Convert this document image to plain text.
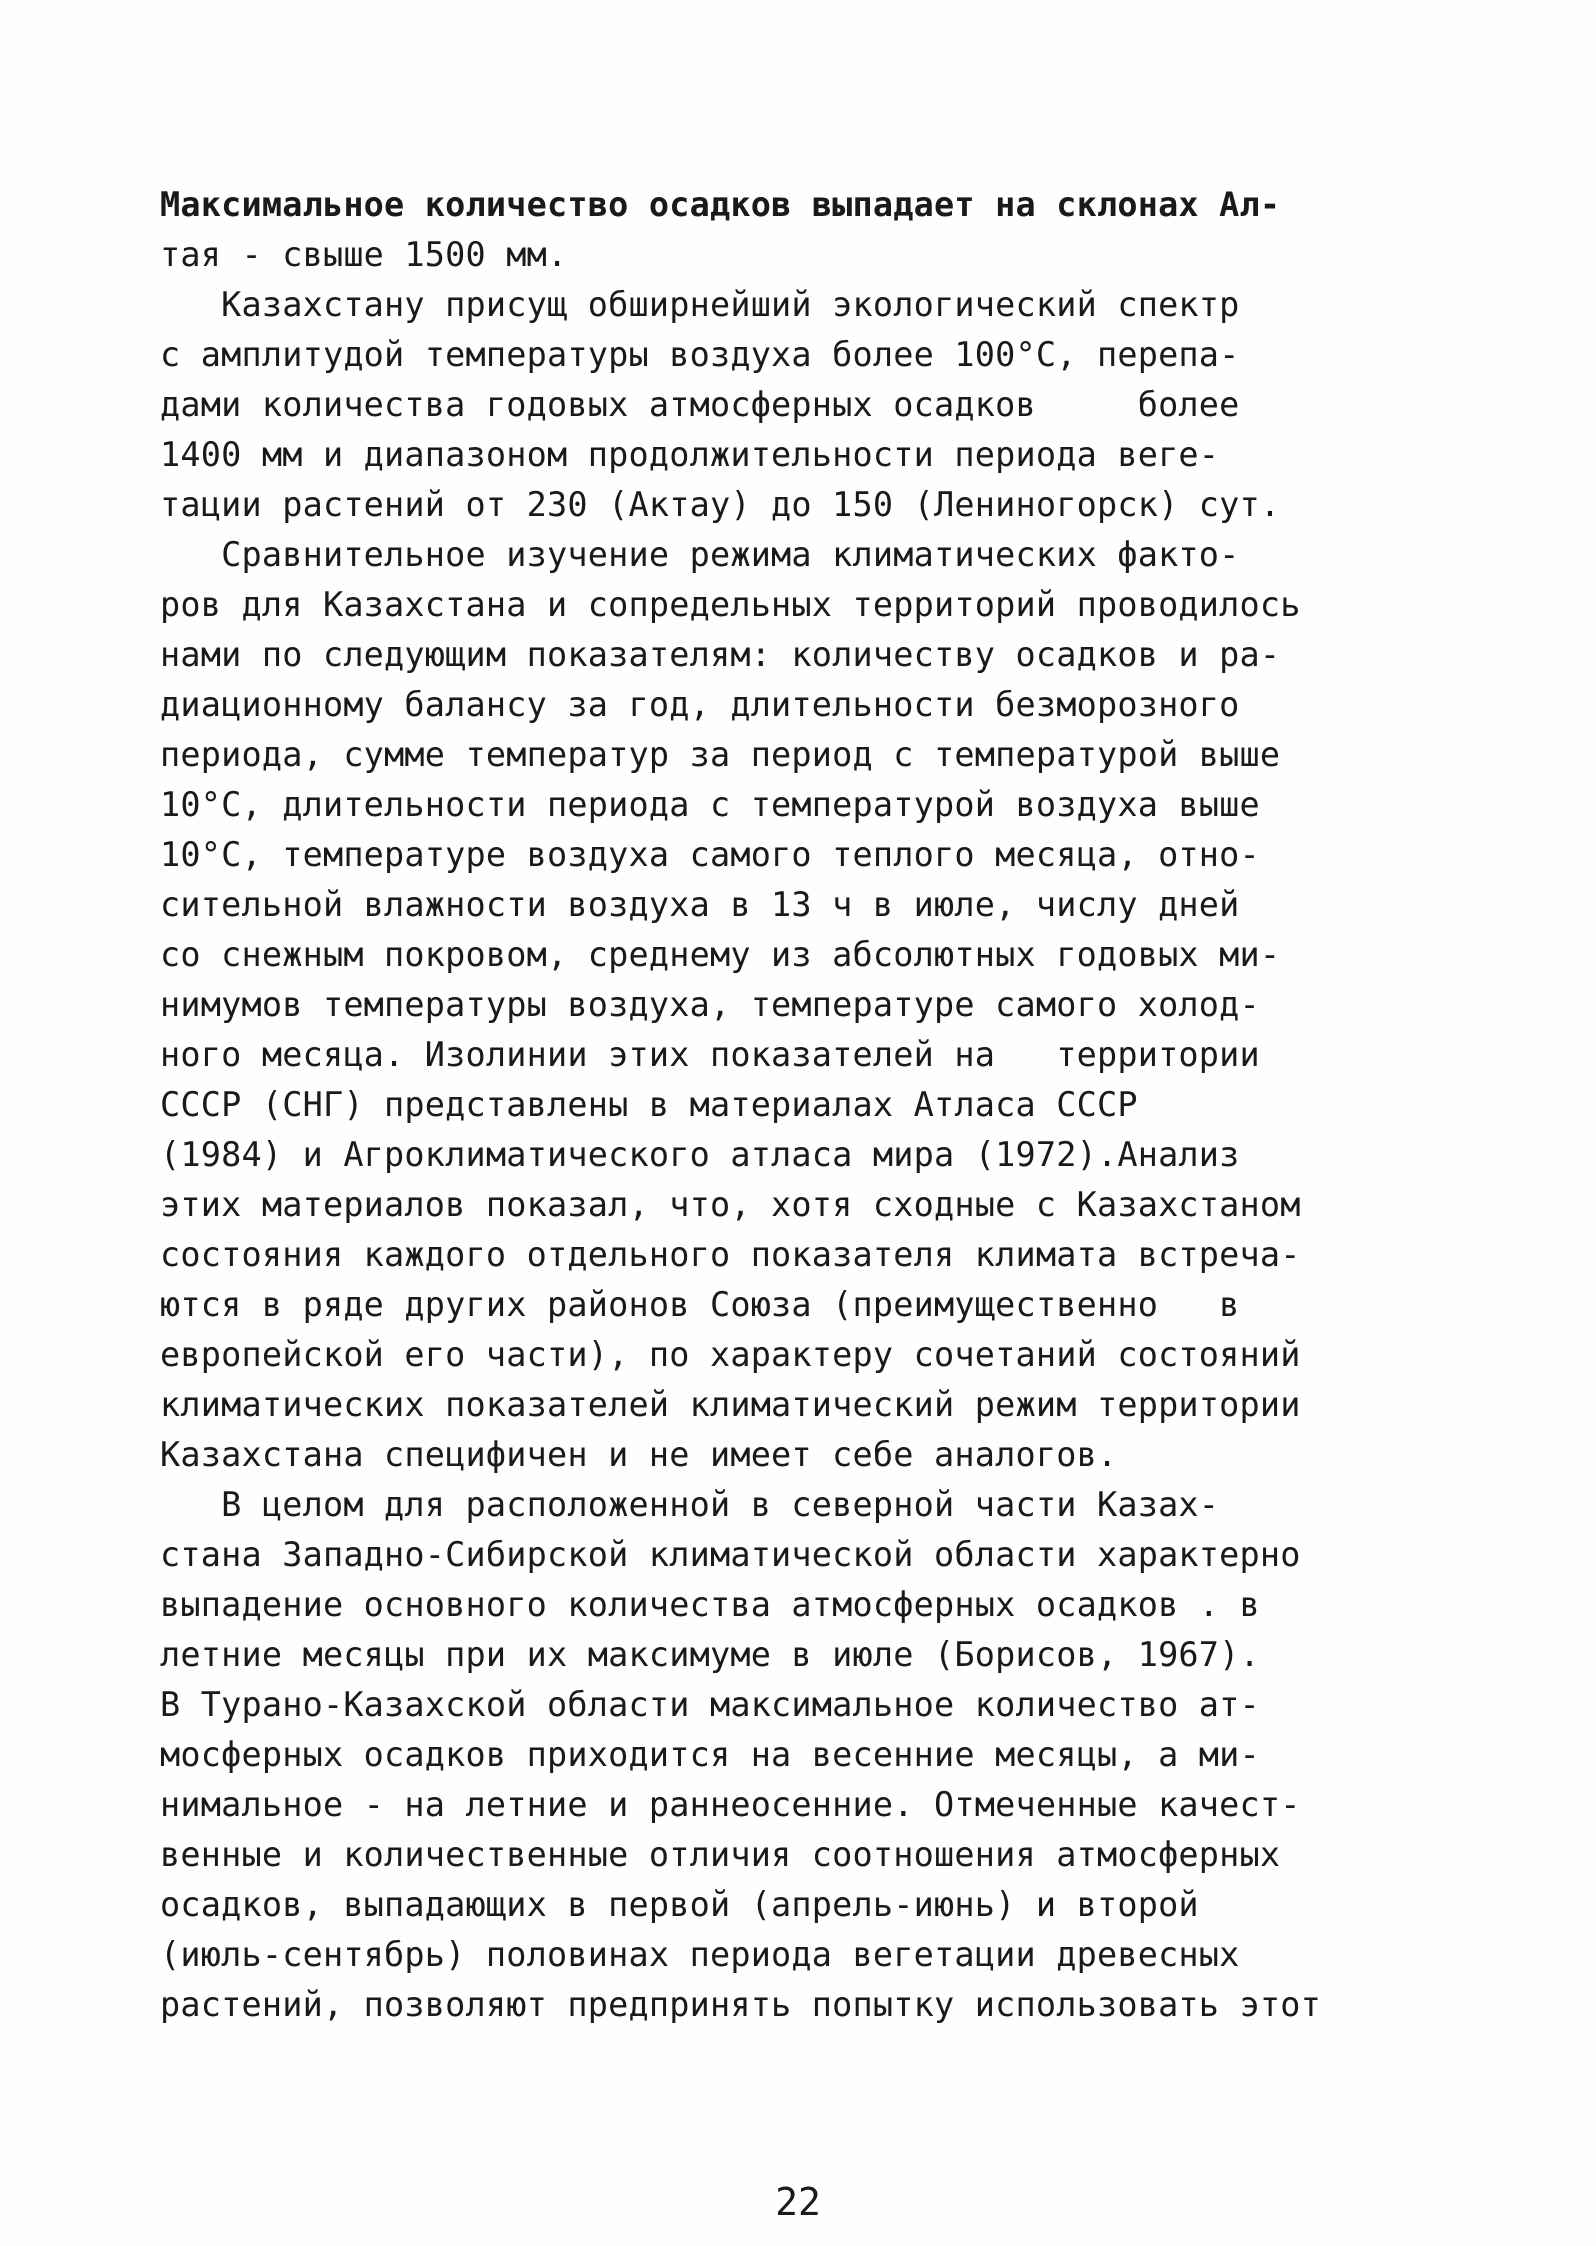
Максимальное количество осадков выпадает на склонах Ал-
тая - свыше 1500 мм.
Казахстану присущ обширнейший экологический спектр
с амплитудой температуры воздуха более 100°С, перепа-
дами количества годовых атмосферных осадков     более
1400 мм и диапазоном продолжительности периода веге-
тации растений от 230 (Актау) до 150 (Лениногорск) сут.
Сравнительное изучение режима климатических факто-
ров для Казахстана и сопредельных территорий проводилось
нами по следующим показателям: количеству осадков и ра-
диационному балансу за год, длительности безморозного
периода, сумме температур за период с температурой выше
10°С, длительности периода с температурой воздуха выше
10°С, температуре воздуха самого теплого месяца, отно-
сительной влажности воздуха в 13 ч в июле, числу дней
со снежным покровом, среднему из абсолютных годовых ми-
нимумов температуры воздуха, температуре самого холод-
ного месяца. Изолинии этих показателей на   территории
СССР (СНГ) представлены в материалах Атласа СССР
(1984) и Агроклиматического атласа мира (1972).Анализ
этих материалов показал, что, хотя сходные с Казахстаном
состояния каждого отдельного показателя климата встреча-
ются в ряде других районов Союза (преимущественно   в
европейской его части), по характеру сочетаний состояний
климатических показателей климатический режим территории
Казахстана специфичен и не имеет себе аналогов.
В целом для расположенной в северной части Казах-
стана Западно-Сибирской климатической области характерно
выпадение основного количества атмосферных осадков . в
летние месяцы при их максимуме в июле (Борисов, 1967).
В Турано-Казахской области максимальное количество ат-
мосферных осадков приходится на весенние месяцы, а ми-
нимальное - на летние и раннеосенние. Отмеченные качест-
венные и количественные отличия соотношения атмосферных
осадков, выпадающих в первой (апрель-июнь) и второй
(июль-сентябрь) половинах периода вегетации древесных
растений, позволяют предпринять попытку использовать этот
22
